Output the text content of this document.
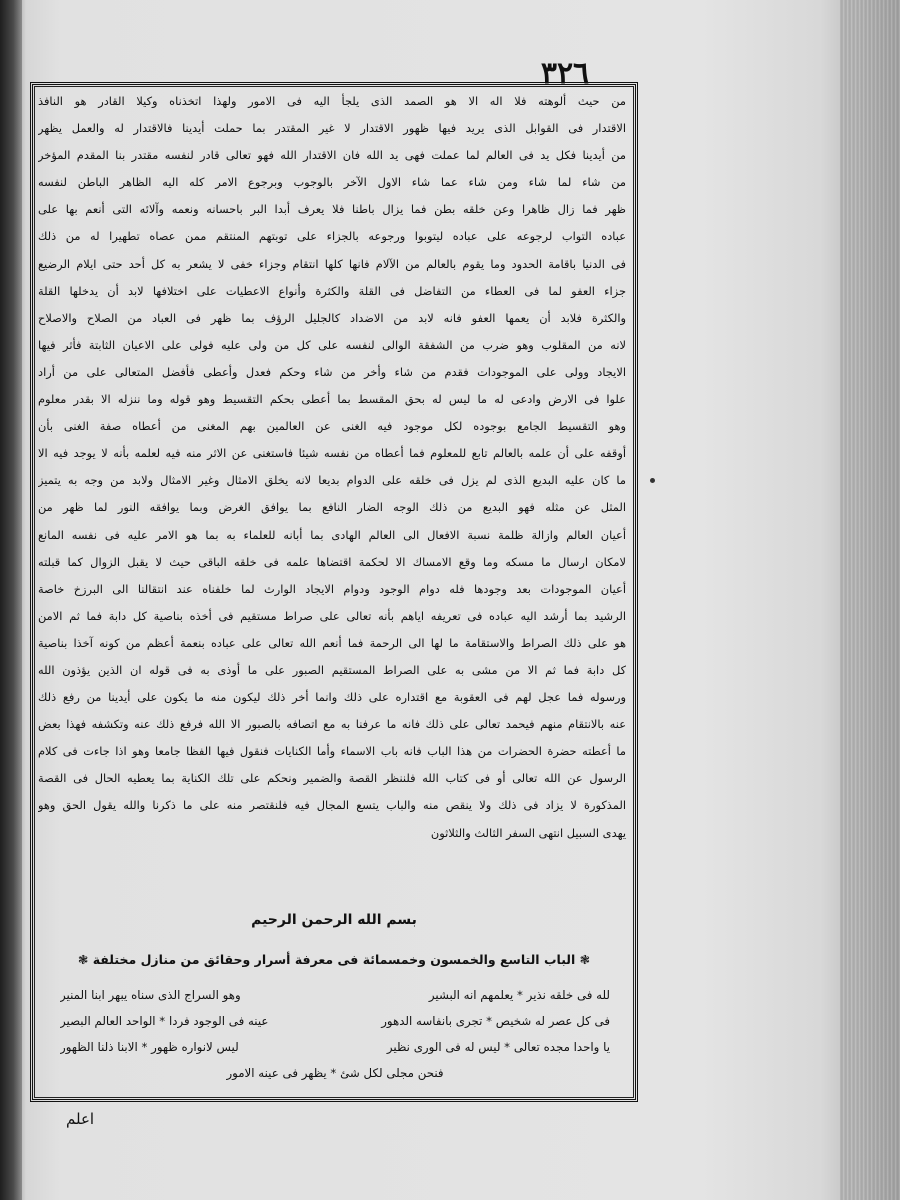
٣٢٦
من حيث ألوهته فلا اله الا هو الصمد الذى يلجأ اليه فى الامور ولهذا اتخذناه وكيلا القادر هو النافذ
الاقتدار فى القوابل الذى يريد فيها ظهور الاقتدار لا غير المقتدر بما حملت أيدينا فالاقتدار له والعمل يظهر
من أيدينا فكل يد فى العالم لما عملت فهى يد الله فان الاقتدار الله فهو تعالى قادر لنفسه مقتدر بنا المقدم المؤخر
من شاء لما شاء ومن شاء عما شاء الاول الآخر بالوجوب وبرجوع الامر كله اليه الظاهر الباطن لنفسه
ظهر فما زال ظاهرا وعن خلقه بطن فما يزال باطنا فلا يعرف أبدا البر باحسانه ونعمه وآلائه التى أنعم بها على
عباده التواب لرجوعه على عباده ليتوبوا ورجوعه بالجزاء على توبتهم المنتقم ممن عصاه تطهيرا له من ذلك
فى الدنيا باقامة الحدود وما يقوم بالعالم من الآلام فانها كلها انتقام وجزاء خفى لا يشعر به كل أحد حتى ايلام الرضيع
جزاء العفو لما فى العطاء من التفاضل فى القلة والكثرة وأنواع الاعطيات على اختلافها لابد أن يدخلها القلة
والكثرة فلابد أن يعمها العفو فانه لابد من الاضداد كالجليل الرؤف بما ظهر فى العباد من الصلاح والاصلاح
لانه من المقلوب وهو ضرب من الشفقة الوالى لنفسه على كل من ولى عليه فولى على الاعيان الثابتة فأثر فيها
الايجاد وولى على الموجودات فقدم من شاء وأخر من شاء وحكم فعدل وأعطى فأفضل المتعالى على من أراد
علوا فى الارض وادعى له ما ليس له بحق المقسط بما أعطى بحكم التقسيط وهو قوله وما ننزله الا بقدر معلوم
وهو التقسيط الجامع بوجوده لكل موجود فيه الغنى عن العالمين بهم المغنى من أعطاه صفة الغنى بأن
أوقفه على أن علمه بالعالم تابع للمعلوم فما أعطاه من نفسه شيئا فاستغنى عن الاثر منه فيه لعلمه بأنه لا يوجد فيه الا
ما كان عليه البديع الذى لم يزل فى خلقه على الدوام بديعا لانه يخلق الامثال وغير الامثال ولابد من وجه به يتميز
المثل عن مثله فهو البديع من ذلك الوجه الضار النافع بما يوافق الغرض وبما يوافقه النور لما ظهر من
أعيان العالم وازالة ظلمة نسبة الافعال الى العالم الهادى بما أبانه للعلماء به بما هو الامر عليه فى نفسه المانع
لامكان ارسال ما مسكه وما وقع الامساك الا لحكمة اقتضاها علمه فى خلقه الباقى حيث لا يقبل الزوال كما قبلته
أعيان الموجودات بعد وجودها فله دوام الوجود ودوام الايجاد الوارث لما خلفناه عند انتقالنا الى البرزخ خاصة
الرشيد بما أرشد اليه عباده فى تعريفه اياهم بأنه تعالى على صراط مستقيم فى أخذه بناصية كل دابة فما ثم الامن
هو على ذلك الصراط والاستقامة ما لها الى الرحمة فما أنعم الله تعالى على عباده بنعمة أعظم من كونه آخذا بناصية
كل دابة فما ثم الا من مشى به على الصراط المستقيم الصبور على ما أوذى به فى قوله ان الذين يؤذون الله
ورسوله فما عجل لهم فى العقوبة مع اقتداره على ذلك وانما أخر ذلك ليكون منه ما يكون على أيدينا من رفع ذلك
عنه بالانتقام منهم فيحمد تعالى على ذلك فانه ما عرفنا به مع اتصافه بالصبور الا الله فرفع ذلك عنه وتكشفه فهذا بعض
ما أعطته حضرة الحضرات من هذا الباب فانه باب الاسماء وأما الكنايات فنقول فيها الفظا جامعا وهو اذا جاءت فى كلام
الرسول عن الله تعالى أو فى كتاب الله فلننظر القصة والضمير ونحكم على تلك الكناية بما يعطيه الحال فى القصة
المذكورة لا يزاد فى ذلك ولا ينقص منه والباب يتسع المجال فيه فلنقتصر منه على ما ذكرنا والله يقول الحق وهو
يهدى السبيل انتهى السفر الثالث والثلاثون
بسم الله الرحمن الرحيم
❃ الباب التاسع والخمسون وخمسمائة فى معرفة أسرار وحقائق من منازل مختلفة ❃
لله فى خلقه نذير * يعلمهم انه البشير
وهو السراج الذى سناه يبهر ابنا المنير
فى كل عصر له شخيص * تجرى بانفاسه الدهور
عينه فى الوجود فردا * الواحد العالم البصير
يا واحدا مجده تعالى * ليس له فى الورى نظير
ليس لانواره ظهور * الابنا ذلنا الظهور
فنحن مجلى لكل شئ * يظهر فى عينه الامور
اعلم
